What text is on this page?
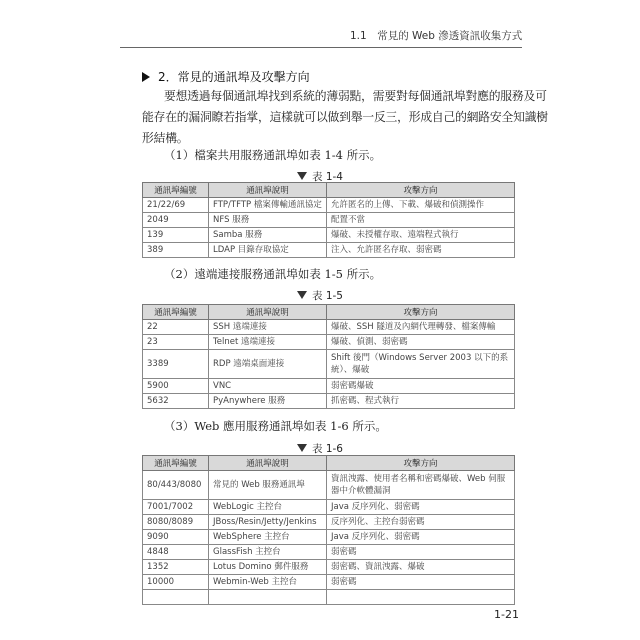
1.1　常見的 Web 滲透資訊收集方式
2．常見的通訊埠及攻擊方向
要想透過每個通訊埠找到系統的薄弱點，需要對每個通訊埠對應的服務及可
能存在的漏洞瞭若指掌，這樣就可以做到舉一反三，形成自己的網路安全知識樹
形結構。
（1）檔案共用服務通訊埠如表 1-4 所示。
表 1-4
通訊埠編號	通訊埠說明	攻擊方向
21/22/69	FTP/TFTP 檔案傳輸通訊協定	允許匿名的上傳、下載、爆破和偵測操作
2049	NFS 服務	配置不當
139	Samba 服務	爆破、未授權存取、遠端程式執行
389	LDAP 目錄存取協定	注入、允許匿名存取、弱密碼
（2）遠端連接服務通訊埠如表 1-5 所示。
表 1-5
通訊埠編號	通訊埠說明	攻擊方向
22	SSH 遠端連接	爆破、SSH 隧道及內網代理轉發、檔案傳輸
23	Telnet 遠端連接	爆破、偵測、弱密碼
3389	RDP 遠端桌面連接	Shift 後門（Windows Server 2003 以下的系統）、爆破
5900	VNC	弱密碼爆破
5632	PyAnywhere 服務	抓密碼、程式執行
（3）Web 應用服務通訊埠如表 1-6 所示。
表 1-6
通訊埠編號	通訊埠說明	攻擊方向
80/443/8080	常見的 Web 服務通訊埠	資訊洩露、使用者名稱和密碼爆破、Web 伺服器中介軟體漏洞
7001/7002	WebLogic 主控台	Java 反序列化、弱密碼
8080/8089	JBoss/Resin/Jetty/Jenkins	反序列化、主控台弱密碼
9090	WebSphere 主控台	Java 反序列化、弱密碼
4848	GlassFish 主控台	弱密碼
1352	Lotus Domino 郵件服務	弱密碼、資訊洩露、爆破
10000	Webmin-Web 主控台	弱密碼

1-21
